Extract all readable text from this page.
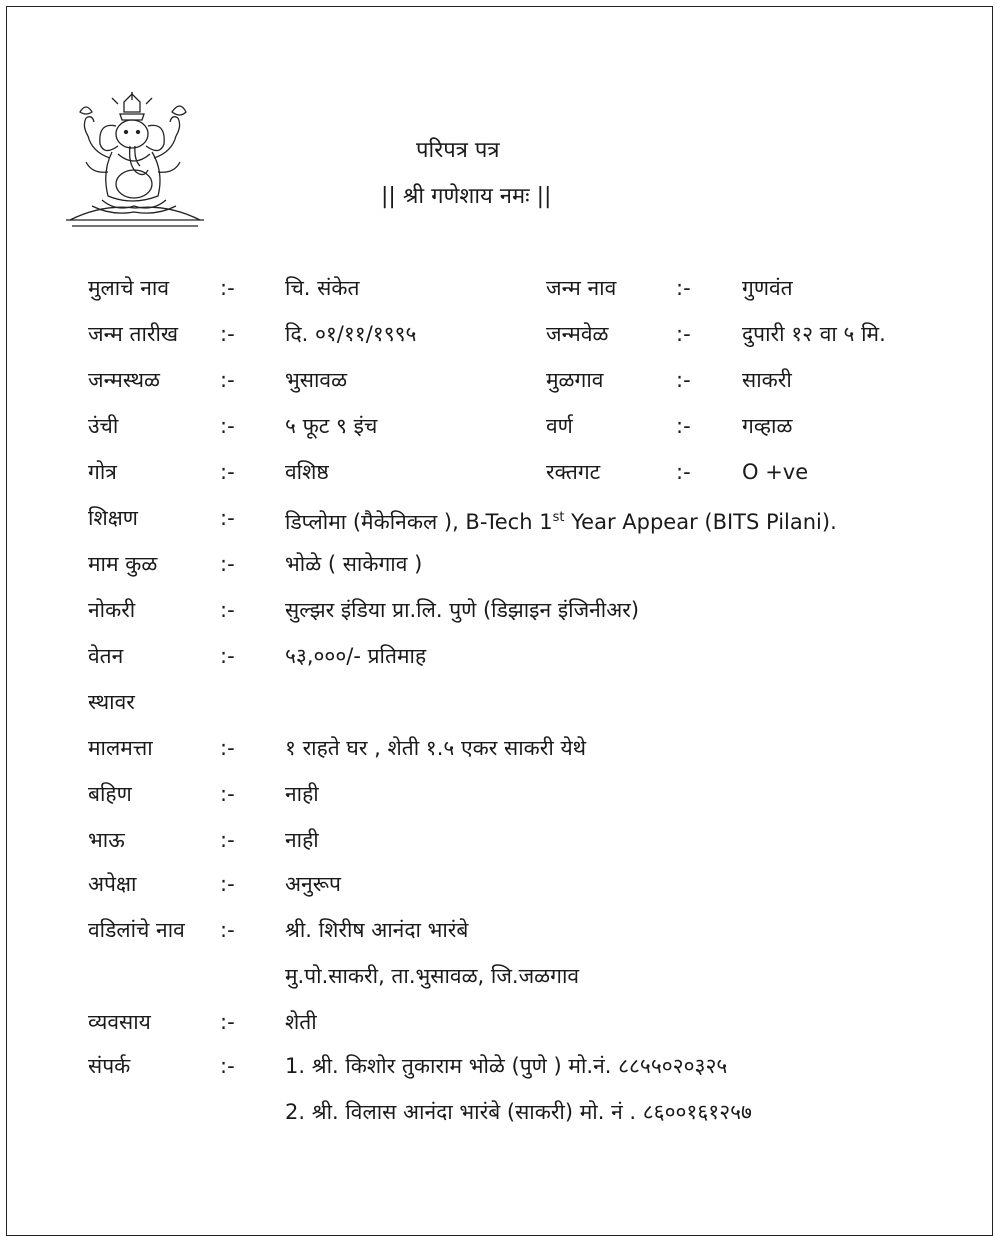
परिपत्र पत्र
|| श्री गणेशाय नमः ||
मुलाचे नाव :- चि. संकेत	जन्म नाव	:- गुणवंत
जन्म तारीख :- दि. ०१/११/१९९५	जन्मवेळ	:- दुपारी १२ वा ५ मि.
जन्मस्थळ	:- भुसावळ	मुळगाव	:- साकरी
उंची	:- ५ फूट ९ इंच	वर्ण	:- गव्हाळ
गोत्र	:- वशिष्ठ	रक्तगट	:- O +ve
शिक्षण	:- डिप्लोमा (मैकेनिकल ), B-Tech 1st Year Appear (BITS Pilani).
माम कुळ	:- भोळे ( साकेगाव )
नोकरी	:- सुल्झर इंडिया प्रा.लि. पुणे (डिझाइन इंजिनीअर)
वेतन	:- ५३,०००/- प्रतिमाह
स्थावर
मालमत्ता	:- १ राहते घर , शेती १.५ एकर साकरी येथे
बहिण	:- नाही
भाऊ	:- नाही
अपेक्षा	:- अनुरूप
वडिलांचे नाव :- श्री. शिरीष आनंदा भारंबे
मु.पो.साकरी, ता.भुसावळ, जि.जळगाव
व्यवसाय	:- शेती
संपर्क	:- 1. श्री. किशोर तुकाराम भोळे (पुणे ) मो.नं. ८८५५०२०३२५
2. श्री. विलास आनंदा भारंबे (साकरी) मो. नं . ८६००१६१२५७
